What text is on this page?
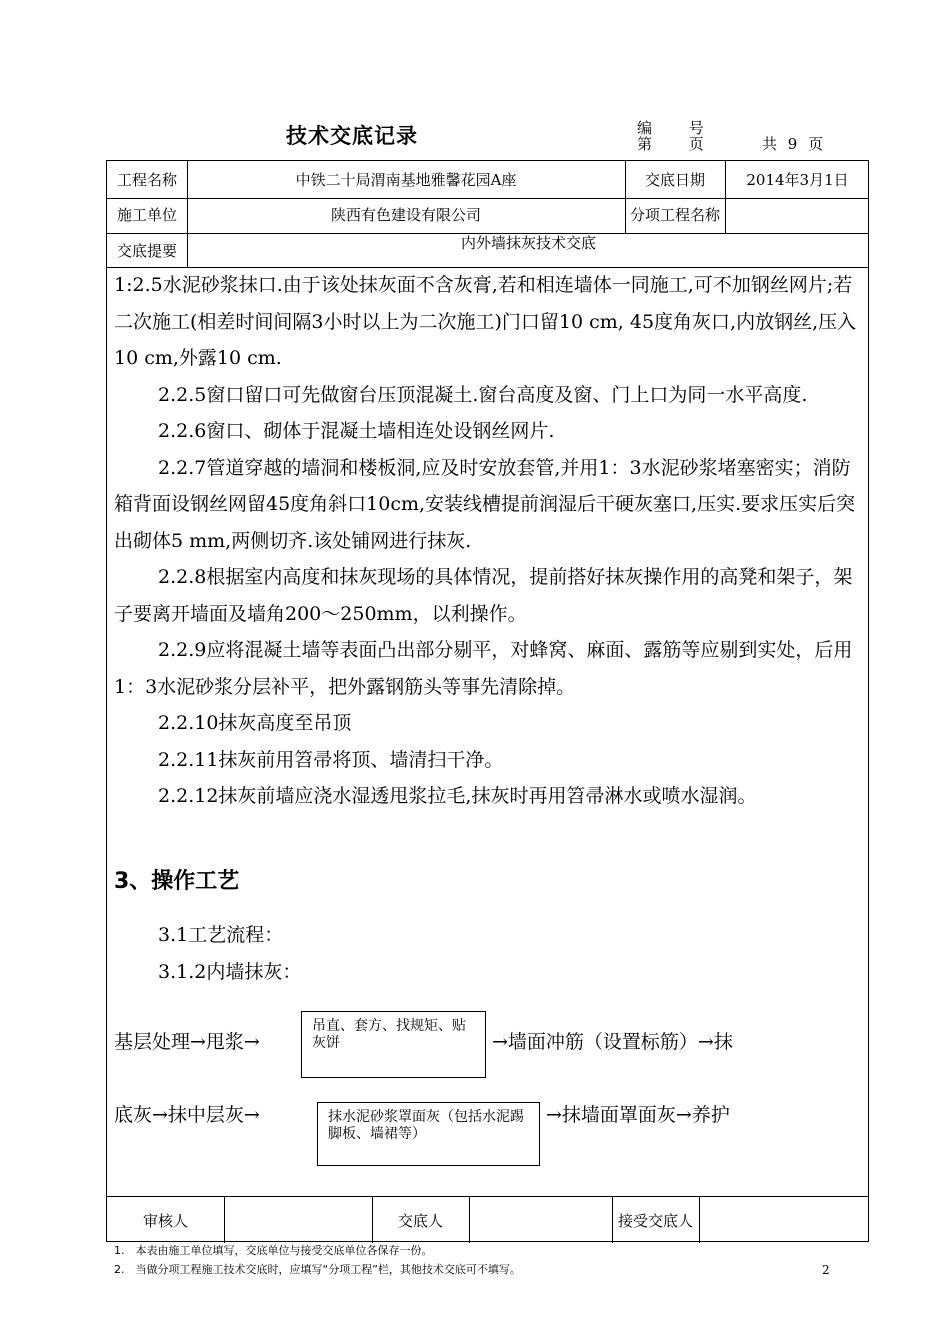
技术交底记录	编 号
第 页	共 9 页
工程名称	中铁二十局渭南基地雅馨花园A座	交底日期	2014年3月1日
施工单位	陕西有色建设有限公司	分项工程名称
交底提要	内外墙抹灰技术交底
审核人	交底人	接受交底人

1:2.5水泥砂浆抹口.由于该处抹灰面不含灰膏,若和相连墙体一同施工,可不加钢丝网片;若二次施工(相差时间间隔3小时以上为二次施工)门口留10 cm, 45度角灰口,内放钢丝,压入10 cm,外露10 cm.

2.2.5窗口留口可先做窗台压顶混凝土.窗台高度及窗、门上口为同一水平高度.

2.2.6窗口、砌体于混凝土墙相连处设钢丝网片.

2.2.7管道穿越的墙洞和楼板洞,应及时安放套管,并用1：3水泥砂浆堵塞密实；消防箱背面设钢丝网留45度角斜口10cm,安装线槽提前润湿后干硬灰塞口,压实.要求压实后突出砌体5 mm,两侧切齐.该处铺网进行抹灰.

2.2.8根据室内高度和抹灰现场的具体情况，提前搭好抹灰操作用的高凳和架子，架子要离开墙面及墙角200～250mm，以利操作。

2.2.9应将混凝土墙等表面凸出部分剔平，对蜂窝、麻面、露筋等应剔到实处，后用1：3水泥砂浆分层补平，把外露钢筋头等事先清除掉。

2.2.10抹灰高度至吊顶

2.2.11抹灰前用笤帚将顶、墙清扫干净。

2.2.12抹灰前墙应浇水湿透甩浆拉毛,抹灰时再用笤帚淋水或喷水湿润。

3、操作工艺
3.1工艺流程：
3.1.2内墙抹灰：
基层处理→甩浆→
吊直、套方、找规矩、贴灰饼	→墙面冲筋（设置标筋）→抹
底灰→抹中层灰→	抹水泥砂浆罩面灰（包括水泥踢脚板、墙裙等）
→抹墙面罩面灰→养护
1.　本表由施工单位填写，交底单位与接受交底单位各保存一份。
2.　当做分项工程施工技术交底时，应填写“分项工程”栏，其他技术交底可不填写。	2
